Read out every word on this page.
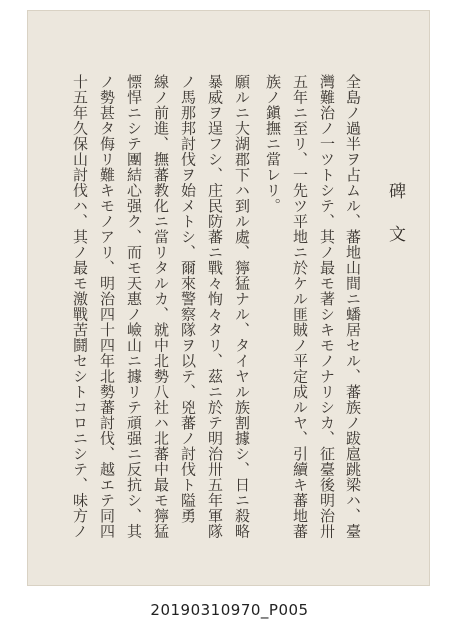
碑文
全島ノ過半ヲ占ムル、蕃地山間ニ蟠居セル、蕃族ノ跋扈跳梁ハ、臺
灣難治ノ一ツトシテ、其ノ最モ著シキモノナリシカ、征臺後明治卅
五年ニ至リ、一先ツ平地ニ於ケル匪賊ノ平定成ルヤ、引續キ蕃地蕃
族ノ鎭撫ニ當レリ。
願ルニ大湖郡下ハ到ル處、獰猛ナル、タイヤル族割據シ、日ニ殺略
暴威ヲ逞フシ、庄民防蕃ニ戰々恂々タリ、茲ニ於テ明治卅五年軍隊
ノ馬那邦討伐ヲ始メトシ、爾來警察隊ヲ以テ、兇蕃ノ討伐ト隘勇
線ノ前進、撫蕃教化ニ當リタルカ、就中北勢八社ハ北蕃中最モ獰猛
慓悍ニシテ團結心强ク、而モ天惠ノ嶮山ニ據リテ頑强ニ反抗シ、其
ノ勢甚タ侮リ難キモノアリ、明治四十四年北勢蕃討伐、越エテ同四
十五年久保山討伐ハ、其ノ最モ激戰苦鬪セシトコロニシテ、味方ノ
20190310970_P005
